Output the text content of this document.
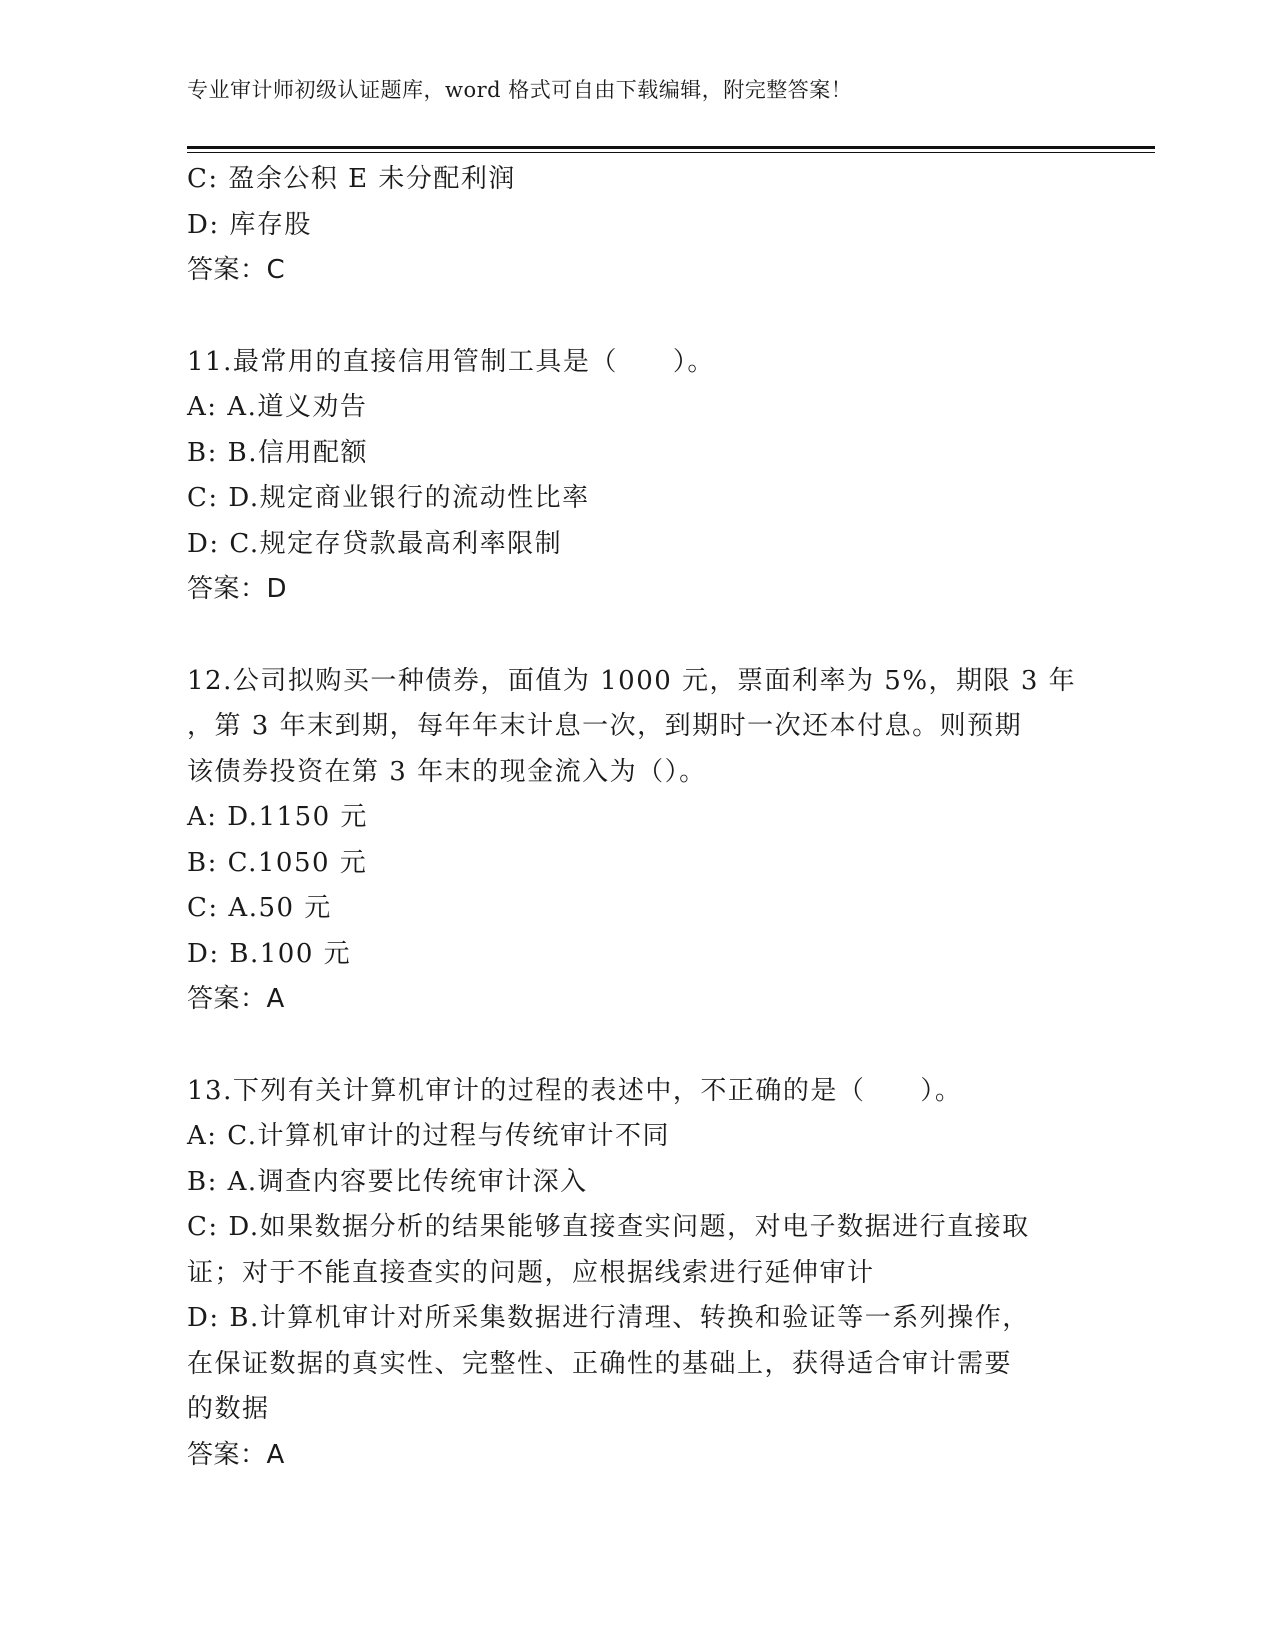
专业审计师初级认证题库，word 格式可自由下载编辑，附完整答案！
C: 盈余公积 E 未分配利润
D: 库存股
答案：C
11.最常用的直接信用管制工具是（　　）。
A: A.道义劝告
B: B.信用配额
C: D.规定商业银行的流动性比率
D: C.规定存贷款最高利率限制
答案：D
12.公司拟购买一种债券，面值为 1000 元，票面利率为 5%，期限 3 年
，第 3 年末到期，每年年末计息一次，到期时一次还本付息。则预期
该债券投资在第 3 年末的现金流入为（）。
A: D.1150 元
B: C.1050 元
C: A.50 元
D: B.100 元
答案：A
13.下列有关计算机审计的过程的表述中，不正确的是（　　）。
A: C.计算机审计的过程与传统审计不同
B: A.调查内容要比传统审计深入
C: D.如果数据分析的结果能够直接查实问题，对电子数据进行直接取
证；对于不能直接查实的问题，应根据线索进行延伸审计
D: B.计算机审计对所采集数据进行清理、转换和验证等一系列操作，
在保证数据的真实性、完整性、正确性的基础上，获得适合审计需要
的数据
答案：A
